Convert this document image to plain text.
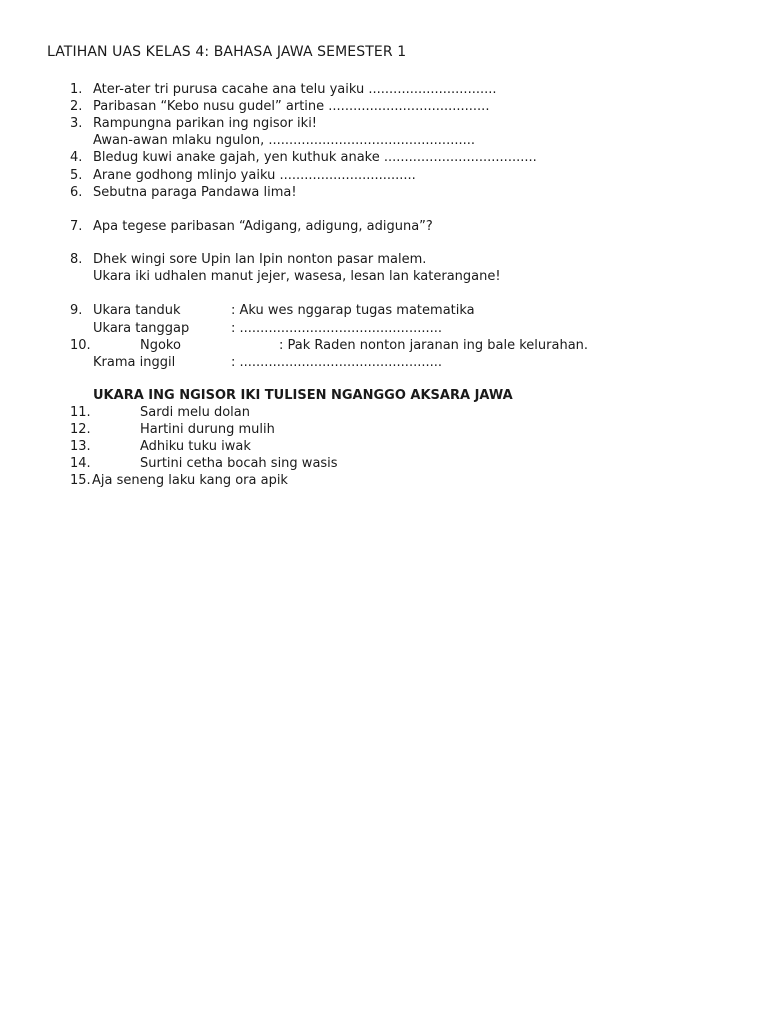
LATIHAN UAS KELAS 4: BAHASA JAWA SEMESTER 1
1. Ater-ater tri purusa cacahe ana telu yaiku ...............................
2. Paribasan “Kebo nusu gudel” artine .......................................
3. Rampungna parikan ing ngisor iki!
Awan-awan mlaku ngulon, ..................................................
4. Bledug kuwi anake gajah, yen kuthuk anake .....................................
5. Arane godhong mlinjo yaiku .................................
6. Sebutna paraga Pandawa lima!
7. Apa tegese paribasan “Adigang, adigung, adiguna”?
8. Dhek wingi sore Upin lan Ipin nonton pasar malem.
Ukara iki udhalen manut jejer, wasesa, lesan lan katerangane!
9. Ukara tanduk	: Aku wes nggarap tugas matematika
Ukara tanggap	: .................................................
10.	Ngoko	: Pak Raden nonton jaranan ing bale kelurahan.
Krama inggil	: .................................................
UKARA ING NGISOR IKI TULISEN NGANGGO AKSARA JAWA
11.	Sardi melu dolan
12.	Hartini durung mulih
13.	Adhiku tuku iwak
14.	Surtini cetha bocah sing wasis
15. Aja seneng laku kang ora apik
